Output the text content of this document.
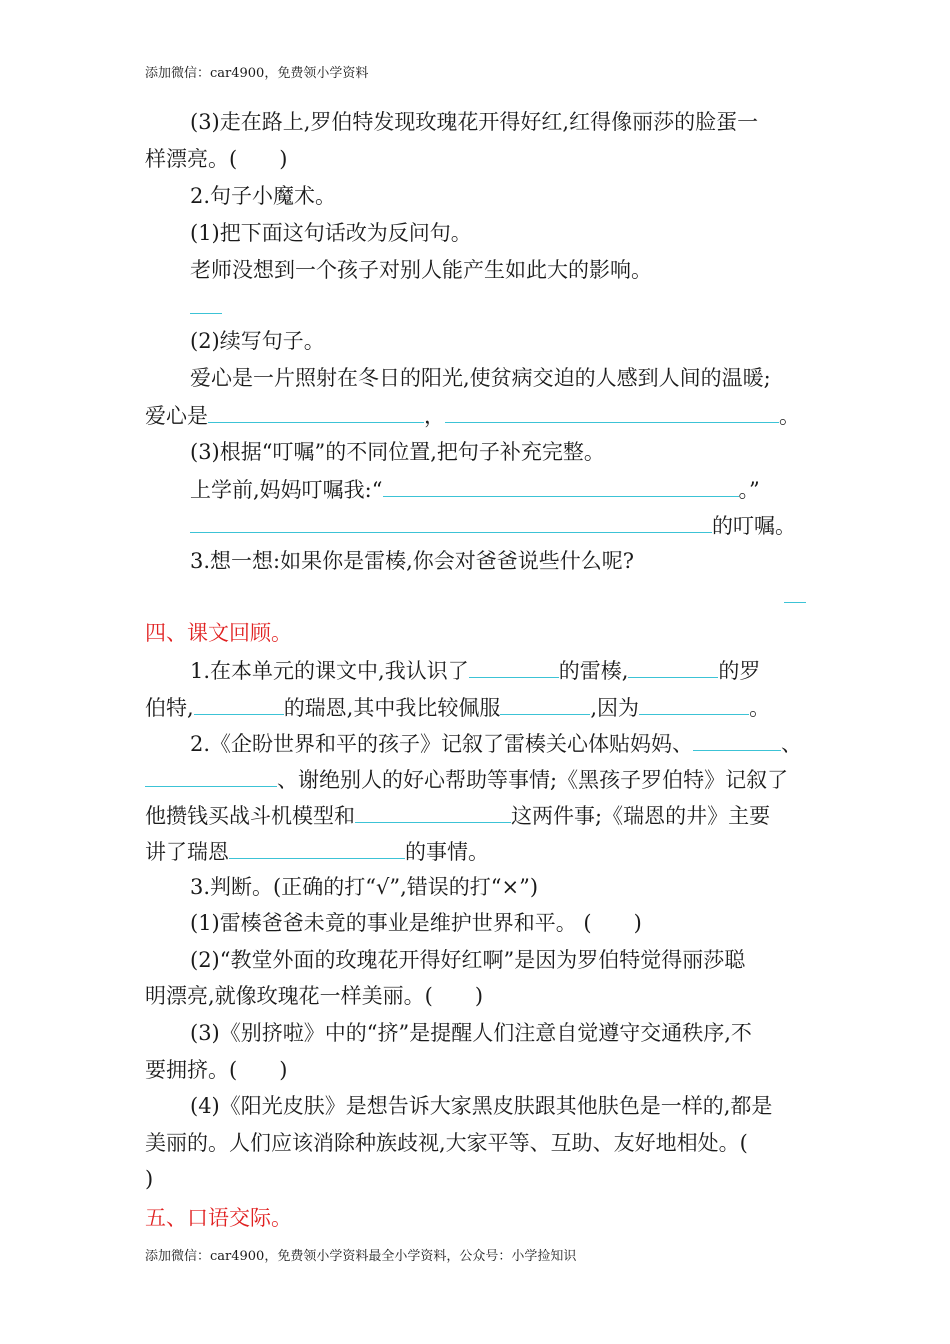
添加微信：car4900，免费领小学资料
(3)走在路上,罗伯特发现玫瑰花开得好红,红得像丽莎的脸蛋一
样漂亮。(　　)
2.句子小魔术。
(1)把下面这句话改为反问句。
老师没想到一个孩子对别人能产生如此大的影响。
(2)续写句子。
爱心是一片照射在冬日的阳光,使贫病交迫的人感到人间的温暖;
爱心是	，	。
(3)根据“叮嘱”的不同位置,把句子补充完整。
上学前,妈妈叮嘱我:“	。”
的叮嘱。
3.想一想:如果你是雷楱,你会对爸爸说些什么呢?
四、课文回顾。
1.在本单元的课文中,我认识了	的雷楱,	的罗
伯特,	的瑞恩,其中我比较佩服	,因为	。
2.《企盼世界和平的孩子》记叙了雷楱关心体贴妈妈、	、
、谢绝别人的好心帮助等事情;《黑孩子罗伯特》记叙了
他攒钱买战斗机模型和	这两件事;《瑞恩的井》主要
讲了瑞恩	的事情。
3.判断。(正确的打“√”,错误的打“×”)
(1)雷楱爸爸未竟的事业是维护世界和平。 (　　)
(2)“教堂外面的玫瑰花开得好红啊”是因为罗伯特觉得丽莎聪
明漂亮,就像玫瑰花一样美丽。(　　)
(3)《别挤啦》中的“挤”是提醒人们注意自觉遵守交通秩序,不
要拥挤。(　　)
(4)《阳光皮肤》是想告诉大家黑皮肤跟其他肤色是一样的,都是
美丽的。人们应该消除种族歧视,大家平等、互助、友好地相处。(
)
五、口语交际。
添加微信：car4900，免费领小学资料最全小学资料，公众号：小学捡知识
